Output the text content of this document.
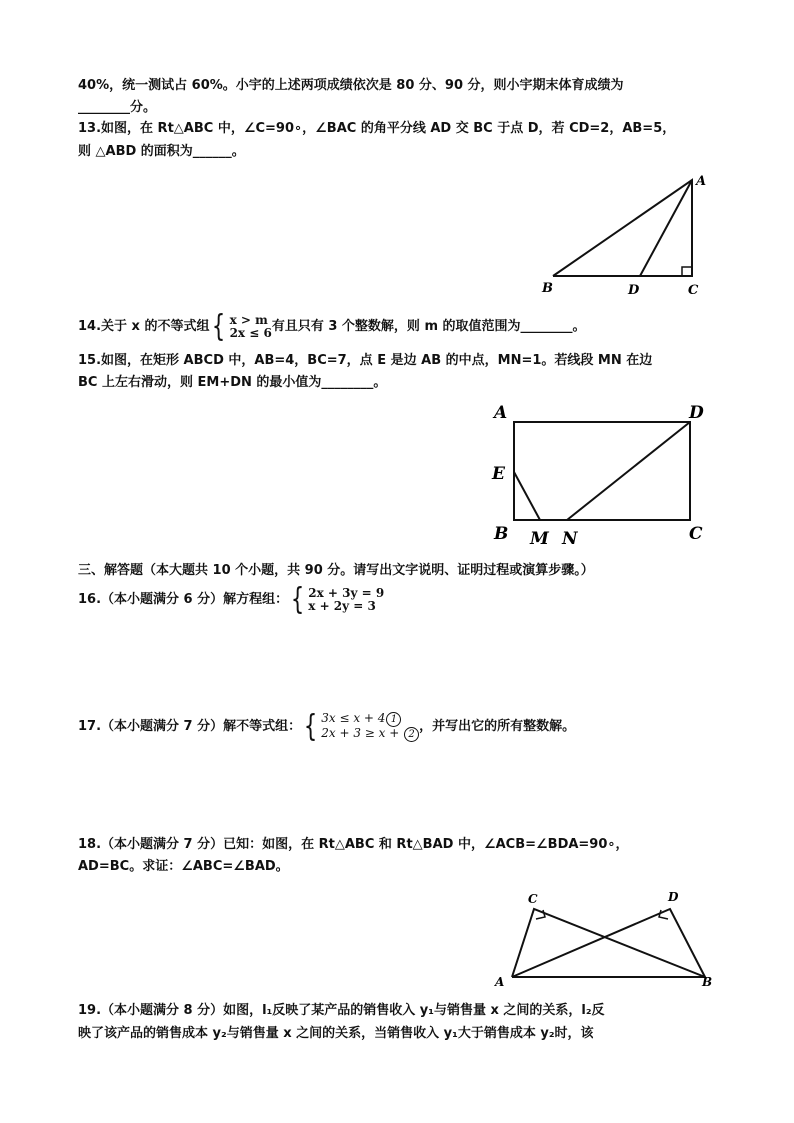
40%，统一测试占 60%。小宇的上述两项成绩依次是 80 分、90 分，则小宇期末体育成绩为
________分。
13.如图，在 Rt△ABC 中，∠C=90∘，∠BAC 的角平分线 AD 交 BC 于点 D，若 CD=2，AB=5，
则 △ABD 的面积为______。
A
B	D	C
14.关于 x 的不等式组 { x > m
2x ≤ 6 有且只有 3 个整数解，则 m 的取值范围为________。
15.如图，在矩形 ABCD 中，AB=4，BC=7，点 E 是边 AB 的中点，MN=1。若线段 MN 在边
BC 上左右滑动，则 EM+DN 的最小值为________。
A	D
E
B M N	C
三、解答题（本大题共 10 个小题，共 90 分。请写出文字说明、证明过程或演算步骤。）
16.（本小题满分 6 分）解方程组： { 2x + 3y = 9
x + 2y = 3
17.（本小题满分 7 分）解不等式组： { 3x ≤ x + 4 1
2x + 3 ≥ x + 2
，并写出它的所有整数解。
18.（本小题满分 7 分）已知：如图，在 Rt△ABC 和 Rt△BAD 中，∠ACB=∠BDA=90∘，
AD=BC。求证：∠ABC=∠BAD。
C	D
A	B
19.（本小题满分 8 分）如图，l₁反映了某产品的销售收入 y₁与销售量 x 之间的关系，l₂反
映了该产品的销售成本 y₂与销售量 x 之间的关系，当销售收入 y₁大于销售成本 y₂时，该
